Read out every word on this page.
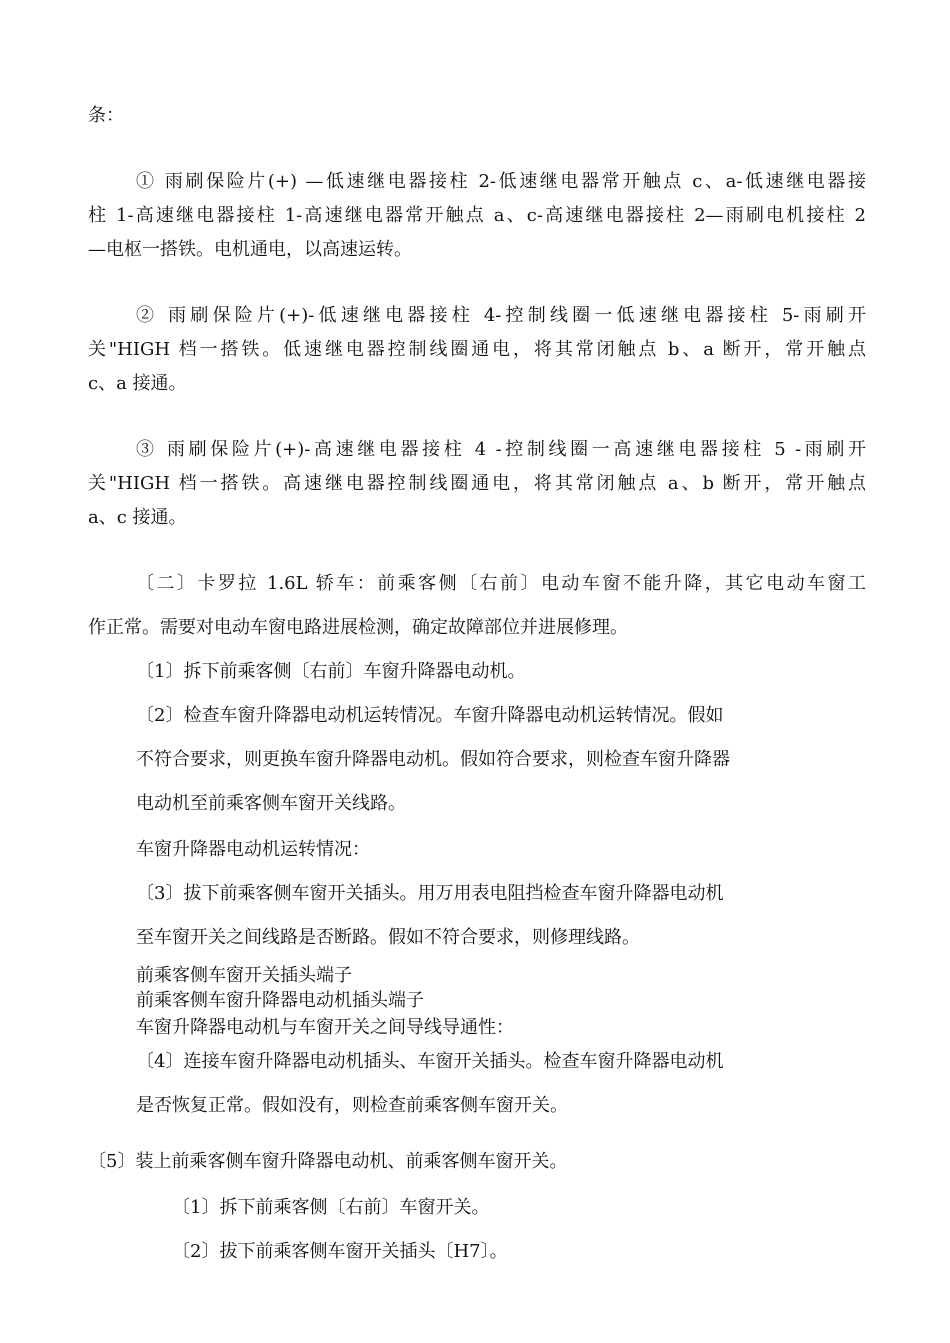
条：

① 雨刷保险片(+) —低速继电器接柱 2-低速继电器常开触点 c、a-低速继电器接

柱 1-高速继电器接柱 1-高速继电器常开触点 a、c-高速继电器接柱 2—雨刷电机接柱 2

—电枢一搭铁。电机通电，以高速运转。

② 雨刷保险片(+)-低速继电器接柱 4-控制线圈一低速继电器接柱 5-雨刷开

关"HIGH 档一搭铁。低速继电器控制线圈通电，将其常闭触点 b、a 断开，常开触点

c、a 接通。

③ 雨刷保险片(+)-高速继电器接柱 4 -控制线圈一高速继电器接柱 5 -雨刷开

关"HIGH 档一搭铁。高速继电器控制线圈通电，将其常闭触点 a、b 断开，常开触点

a、c 接通。

〔二〕卡罗拉 1.6L 轿车：前乘客侧〔右前〕电动车窗不能升降，其它电动车窗工

作正常。需要对电动车窗电路进展检测，确定故障部位并进展修理。

〔1〕拆下前乘客侧〔右前〕车窗升降器电动机。

〔2〕检查车窗升降器电动机运转情况。车窗升降器电动机运转情况。假如

不符合要求，则更换车窗升降器电动机。假如符合要求，则检查车窗升降器

电动机至前乘客侧车窗开关线路。

车窗升降器电动机运转情况：

〔3〕拔下前乘客侧车窗开关插头。用万用表电阻挡检查车窗升降器电动机

至车窗开关之间线路是否断路。假如不符合要求，则修理线路。

前乘客侧车窗开关插头端子

前乘客侧车窗升降器电动机插头端子

车窗升降器电动机与车窗开关之间导线导通性：

〔4〕连接车窗升降器电动机插头、车窗开关插头。检查车窗升降器电动机

是否恢复正常。假如没有，则检查前乘客侧车窗开关。

〔5〕装上前乘客侧车窗升降器电动机、前乘客侧车窗开关。

〔1〕拆下前乘客侧〔右前〕车窗开关。

〔2〕拔下前乘客侧车窗开关插头〔H7〕。
